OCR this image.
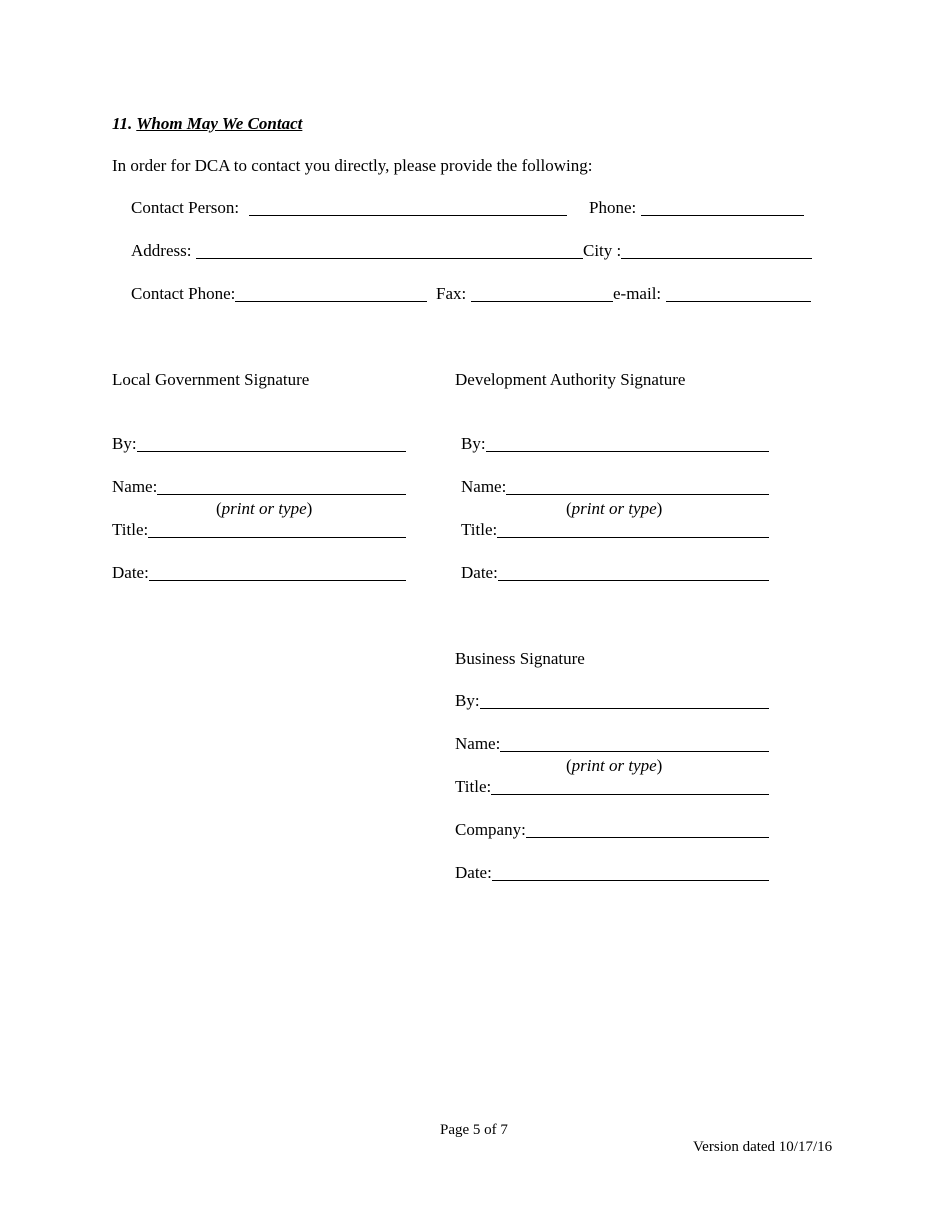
11. Whom May We Contact
In order for DCA to contact you directly, please provide the following:
Contact Person:	Phone:
Address:	City :
Contact Phone:	Fax:	e-mail:
Local Government Signature
By:
Name:
(print or type)
Title:
Date:
Development Authority Signature
By:
Name:
(print or type)
Title:
Date:
Business Signature
By:
Name:
(print or type)
Title:
Company:
Date:
Page 5 of 7
Version dated 10/17/16
